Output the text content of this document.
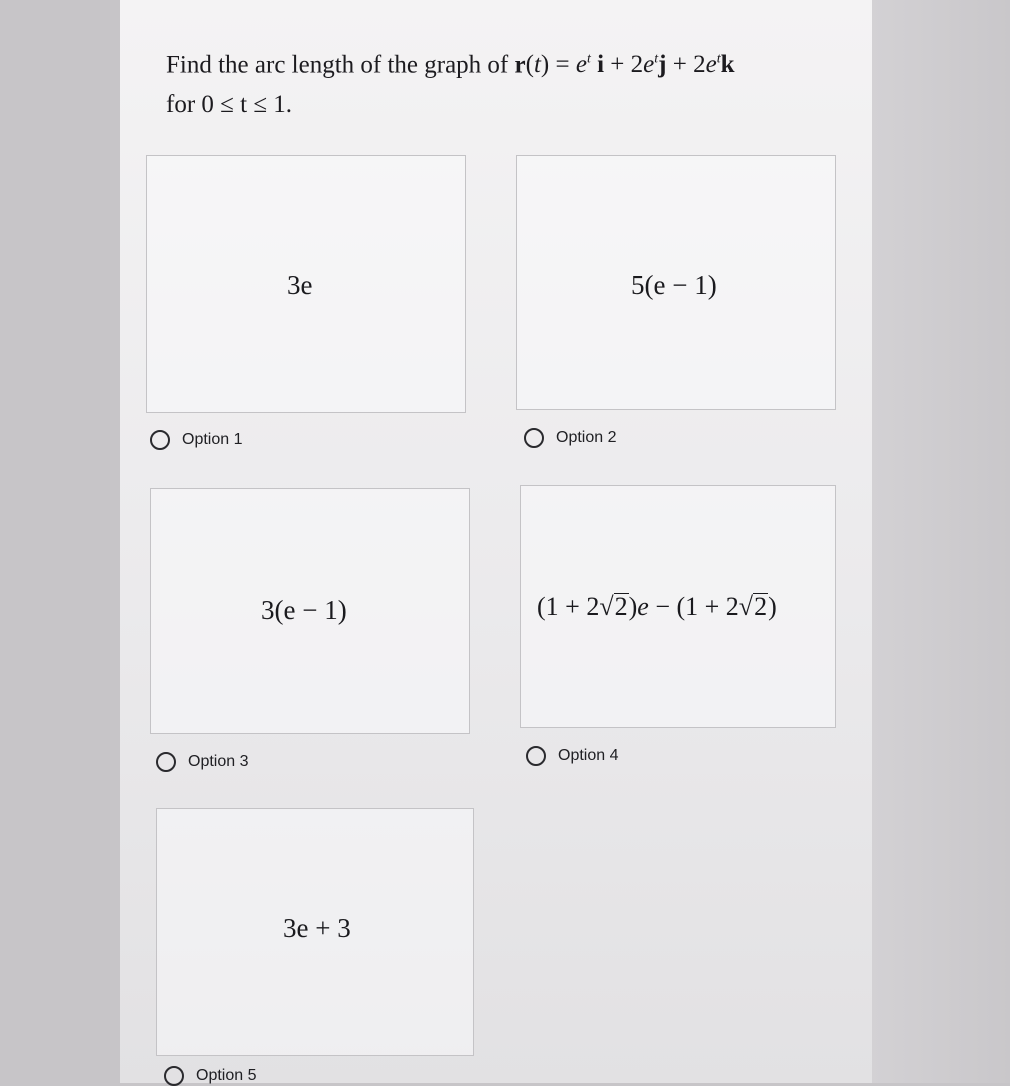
Find the arc length of the graph of $r(t) = e^t$ $i + 2e^tj + 2e^tk$
for 0 ≤ t ≤ 1.

3e
Option 1
5(e − 1)
Option 2
3(e − 1)
Option 3
(1 + 2√2)e − (1 + 2√2)
Option 4
3e + 3
Option 5
